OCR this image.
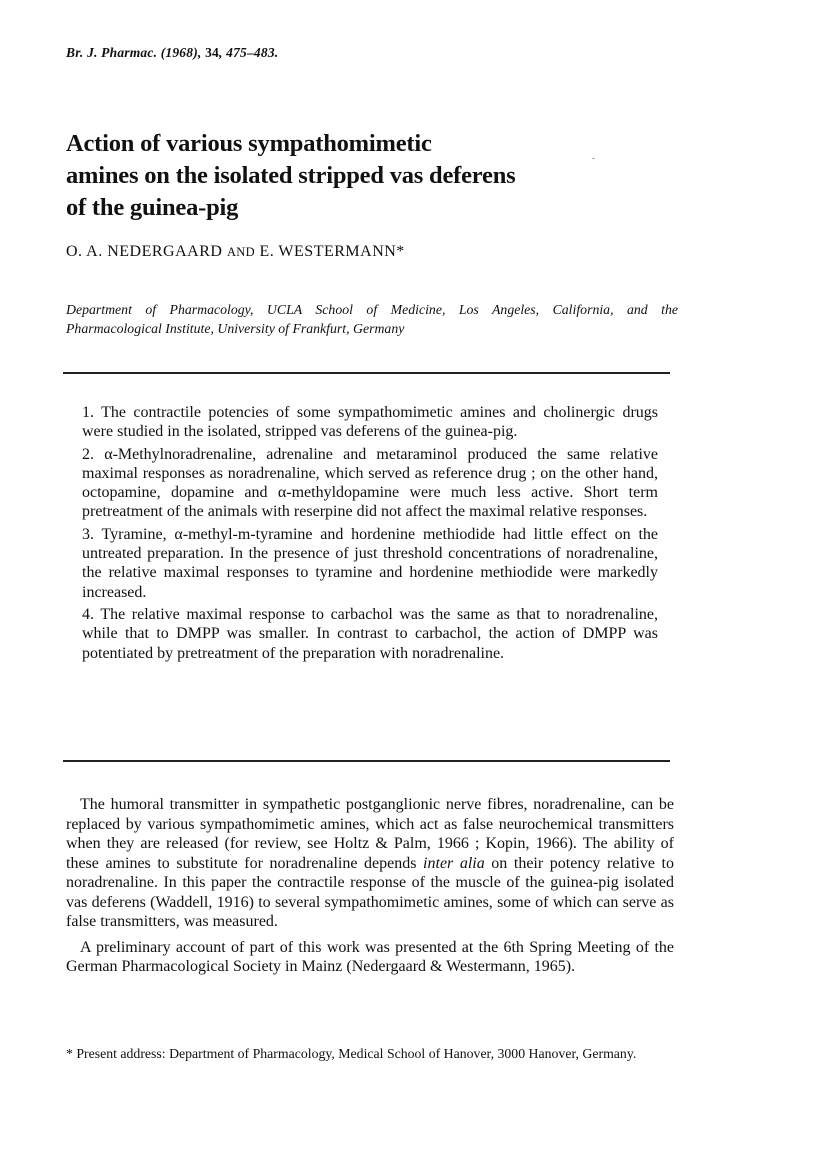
Br. J. Pharmac. (1968), 34, 475–483.
Action of various sympathomimetic
amines on the isolated stripped vas deferens
of the guinea-pig
O. A. NEDERGAARD AND E. WESTERMANN*
Department of Pharmacology, UCLA School of Medicine, Los Angeles, California, and the
Pharmacological Institute, University of Frankfurt, Germany

1. The contractile potencies of some sympathomimetic amines and cholinergic drugs were studied in the isolated, stripped vas deferens of the guinea-pig.

2. α-Methylnoradrenaline, adrenaline and metaraminol produced the same relative maximal responses as noradrenaline, which served as reference drug ; on the other hand, octopamine, dopamine and α-methyldopamine were much less active. Short term pretreatment of the animals with reserpine did not affect the maximal relative responses.

3. Tyramine, α-methyl-m-tyramine and hordenine methiodide had little effect on the untreated preparation. In the presence of just threshold concentrations of noradrenaline, the relative maximal responses to tyramine and hordenine methiodide were markedly increased.

4. The relative maximal response to carbachol was the same as that to noradrenaline, while that to DMPP was smaller. In contrast to carbachol, the action of DMPP was potentiated by pretreatment of the preparation with noradrenaline.

The humoral transmitter in sympathetic postganglionic nerve fibres, noradrenaline, can be replaced by various sympathomimetic amines, which act as false neurochemical transmitters when they are released (for review, see Holtz & Palm, 1966 ; Kopin, 1966). The ability of these amines to substitute for noradrenaline depends inter alia on their potency relative to noradrenaline. In this paper the contractile response of the muscle of the guinea-pig isolated vas deferens (Waddell, 1916) to several sympathomimetic amines, some of which can serve as false transmitters, was measured.

A preliminary account of part of this work was presented at the 6th Spring Meeting of the German Pharmacological Society in Mainz (Nedergaard & Westermann, 1965).

* Present address: Department of Pharmacology, Medical School of Hanover, 3000 Hanover, Germany.
